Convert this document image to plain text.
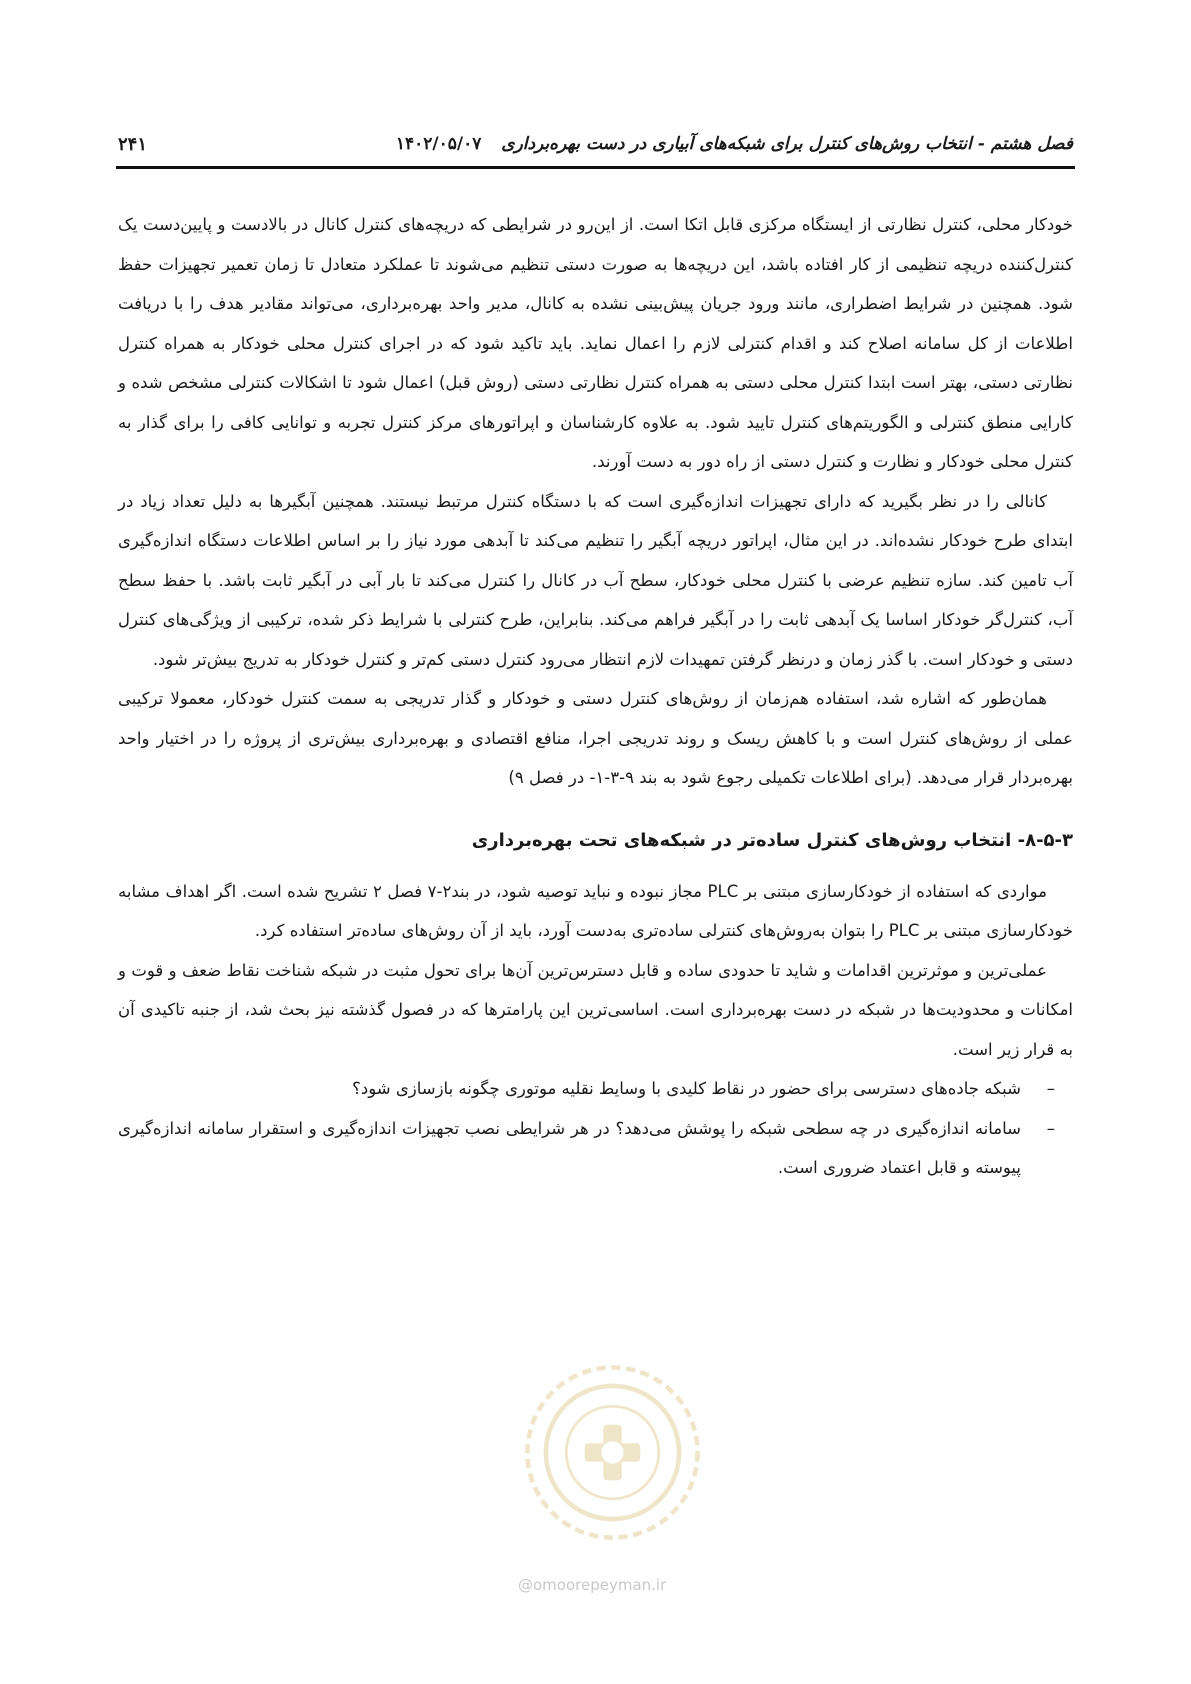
فصل هشتم - انتخاب روش‌های کنترل برای شبکه‌های آبیاری در دست بهره‌برداری ۱۴۰۲/۰۵/۰۷
۲۴۱

خودکار محلی، کنترل نظارتی از ایستگاه مرکزی قابل اتکا است. از این‌رو در شرایطی که دریچه‌های کنترل کانال در بالادست و پایین‌دست یک کنترل‌کننده دریچه تنظیمی از کار افتاده باشد، این دریچه‌ها به صورت دستی تنظیم می‌شوند تا عملکرد متعادل تا زمان تعمیر تجهیزات حفظ شود. همچنین در شرایط اضطراری، مانند ورود جریان پیش‌بینی نشده به کانال، مدیر واحد بهره‌برداری، می‌تواند مقادیر هدف را با دریافت اطلاعات از کل سامانه اصلاح کند و اقدام کنترلی لازم را اعمال نماید. باید تاکید شود که در اجرای کنترل محلی خودکار به همراه کنترل نظارتی دستی، بهتر است ابتدا کنترل محلی دستی به همراه کنترل نظارتی دستی (روش قبل) اعمال شود تا اشکالات کنترلی مشخص شده و کارایی منطق کنترلی و الگوریتم‌های کنترل تایید شود. به علاوه کارشناسان و اپراتورهای مرکز کنترل تجربه و توانایی کافی را برای گذار به کنترل محلی خودکار و نظارت و کنترل دستی از راه دور به دست آورند.

کانالی را در نظر بگیرید که دارای تجهیزات اندازه‌گیری است که با دستگاه کنترل مرتبط نیستند. همچنین آبگیرها به دلیل تعداد زیاد در ابتدای طرح خودکار نشده‌اند. در این مثال، اپراتور دریچه آبگیر را تنظیم می‌کند تا آبدهی مورد نیاز را بر اساس اطلاعات دستگاه اندازه‌گیری آب تامین کند. سازه تنظیم عرضی با کنترل محلی خودکار، سطح آب در کانال را کنترل می‌کند تا بار آبی در آبگیر ثابت باشد. با حفظ سطح آب، کنترل‌گر خودکار اساسا یک آبدهی ثابت را در آبگیر فراهم می‌کند. بنابراین، طرح کنترلی با شرایط ذکر شده، ترکیبی از ویژگی‌های کنترل دستی و خودکار است. با گذر زمان و درنظر گرفتن تمهیدات لازم انتظار می‌رود کنترل دستی کم‌تر و کنترل خودکار به تدریج بیش‌تر شود.

همان‌طور که اشاره شد، استفاده هم‌زمان از روش‌های کنترل دستی و خودکار و گذار تدریجی به سمت کنترل خودکار، معمولا ترکیبی عملی از روش‌های کنترل است و با کاهش ریسک و روند تدریجی اجرا، منافع اقتصادی و بهره‌برداری بیش‌تری از پروژه را در اختیار واحد بهره‌بردار قرار می‌دهد. (برای اطلاعات تکمیلی رجوع شود به بند ۹-۳-۱- در فصل ۹)

۸-۵-۳- انتخاب روش‌های کنترل ساده‌تر در شبکه‌های تحت بهره‌برداری

مواردی که استفاده از خودکارسازی مبتنی بر PLC مجاز نبوده و نباید توصیه شود، در بند۲-۷ فصل ۲ تشریح شده است. اگر اهداف مشابه خودکارسازی مبتنی بر PLC را بتوان به‌روش‌های کنترلی ساده‌تری به‌دست آورد، باید از آن روش‌های ساده‌تر استفاده کرد.

عملی‌ترین و موثرترین اقدامات و شاید تا حدودی ساده و قابل دسترس‌ترین آن‌ها برای تحول مثبت در شبکه شناخت نقاط ضعف و قوت و امکانات و محدودیت‌ها در شبکه در دست بهره‌برداری است. اساسی‌ترین این پارامترها که در فصول گذشته نیز بحث شد، از جنبه تاکیدی آن به قرار زیر است.

–
شبکه جاده‌های دسترسی برای حضور در نقاط کلیدی با وسایط نقلیه موتوری چگونه بازسازی شود؟
–
سامانه اندازه‌گیری در چه سطحی شبکه را پوشش می‌دهد؟ در هر شرایطی نصب تجهیزات اندازه‌گیری و استقرار سامانه اندازه‌گیری پیوسته و قابل اعتماد ضروری است.
@omoorepeyman.ir
